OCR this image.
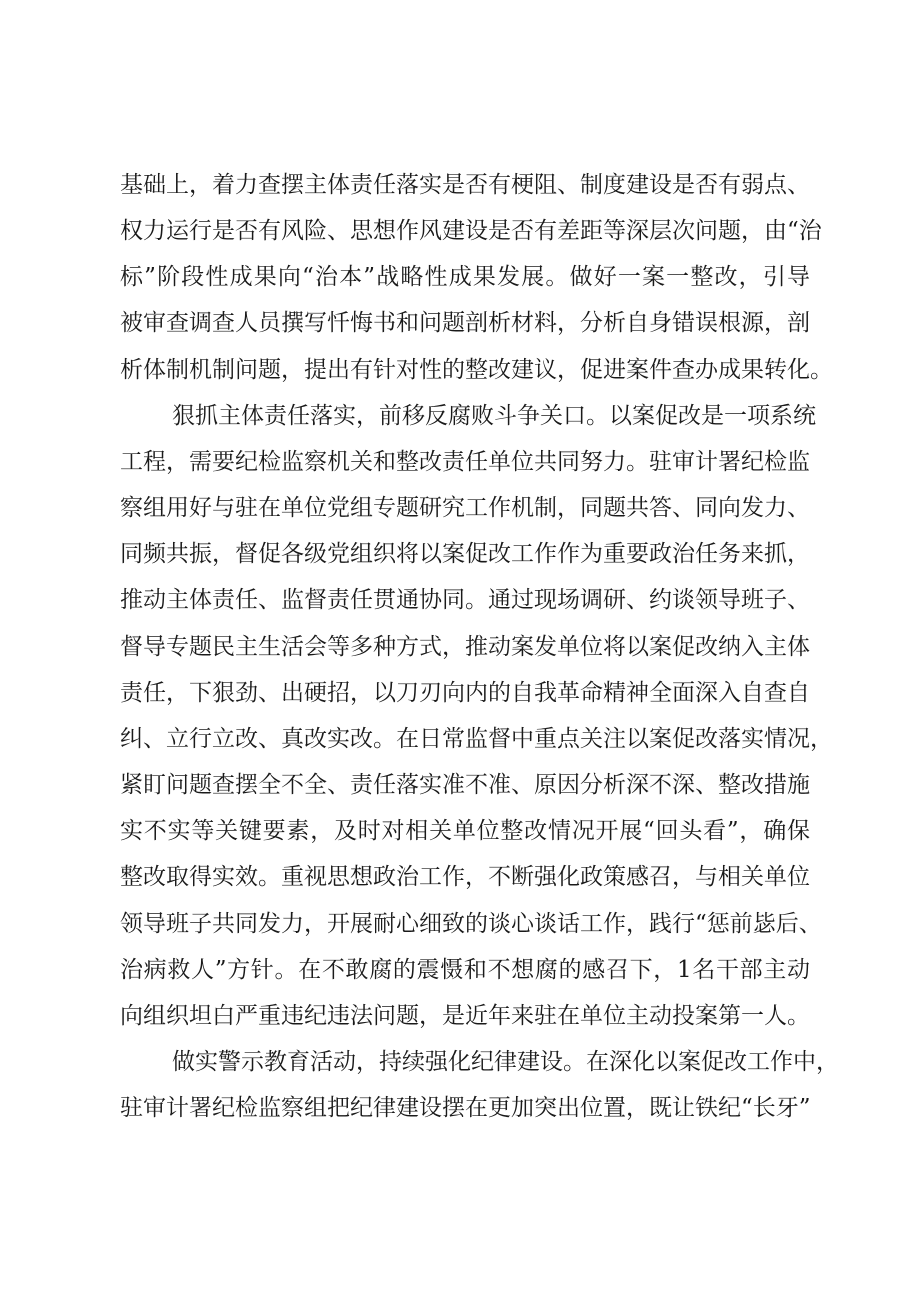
基础上，着力查摆主体责任落实是否有梗阻、制度建设是否有弱点、
权力运行是否有风险、思想作风建设是否有差距等深层次问题，由“治
标”阶段性成果向“治本”战略性成果发展。做好一案一整改，引导
被审查调查人员撰写忏悔书和问题剖析材料，分析自身错误根源，剖
析体制机制问题，提出有针对性的整改建议，促进案件查办成果转化。
狠抓主体责任落实，前移反腐败斗争关口。以案促改是一项系统
工程，需要纪检监察机关和整改责任单位共同努力。驻审计署纪检监
察组用好与驻在单位党组专题研究工作机制，同题共答、同向发力、
同频共振，督促各级党组织将以案促改工作作为重要政治任务来抓，
推动主体责任、监督责任贯通协同。通过现场调研、约谈领导班子、
督导专题民主生活会等多种方式，推动案发单位将以案促改纳入主体
责任，下狠劲、出硬招，以刀刃向内的自我革命精神全面深入自查自
纠、立行立改、真改实改。在日常监督中重点关注以案促改落实情况，
紧盯问题查摆全不全、责任落实准不准、原因分析深不深、整改措施
实不实等关键要素，及时对相关单位整改情况开展“回头看”，确保
整改取得实效。重视思想政治工作，不断强化政策感召，与相关单位
领导班子共同发力，开展耐心细致的谈心谈话工作，践行“惩前毖后、
治病救人”方针。在不敢腐的震慑和不想腐的感召下，1名干部主动
向组织坦白严重违纪违法问题，是近年来驻在单位主动投案第一人。
做实警示教育活动，持续强化纪律建设。在深化以案促改工作中，
驻审计署纪检监察组把纪律建设摆在更加突出位置，既让铁纪“长牙”
